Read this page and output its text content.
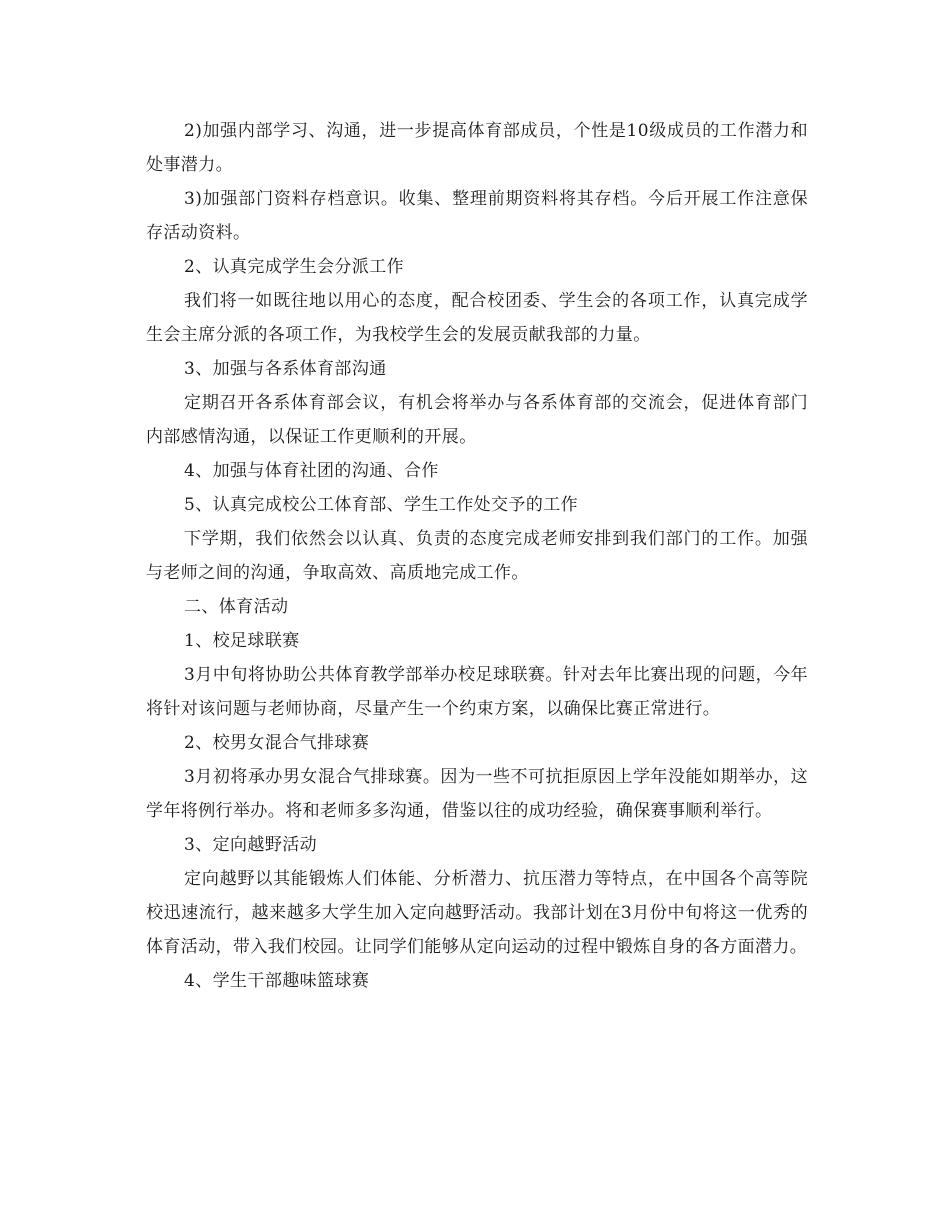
2)加强内部学习、沟通，进一步提高体育部成员，个性是10级成员的工作潜力和处事潜力。

3)加强部门资料存档意识。收集、整理前期资料将其存档。今后开展工作注意保存活动资料。

2、认真完成学生会分派工作

我们将一如既往地以用心的态度，配合校团委、学生会的各项工作，认真完成学生会主席分派的各项工作，为我校学生会的发展贡献我部的力量。

3、加强与各系体育部沟通

定期召开各系体育部会议，有机会将举办与各系体育部的交流会，促进体育部门内部感情沟通，以保证工作更顺利的开展。

4、加强与体育社团的沟通、合作

5、认真完成校公工体育部、学生工作处交予的工作

下学期，我们依然会以认真、负责的态度完成老师安排到我们部门的工作。加强与老师之间的沟通，争取高效、高质地完成工作。

二、体育活动

1、校足球联赛

3月中旬将协助公共体育教学部举办校足球联赛。针对去年比赛出现的问题，今年将针对该问题与老师协商，尽量产生一个约束方案，以确保比赛正常进行。

2、校男女混合气排球赛

3月初将承办男女混合气排球赛。因为一些不可抗拒原因上学年没能如期举办，这学年将例行举办。将和老师多多沟通，借鉴以往的成功经验，确保赛事顺利举行。

3、定向越野活动

定向越野以其能锻炼人们体能、分析潜力、抗压潜力等特点，在中国各个高等院校迅速流行，越来越多大学生加入定向越野活动。我部计划在3月份中旬将这一优秀的体育活动，带入我们校园。让同学们能够从定向运动的过程中锻炼自身的各方面潜力。

4、学生干部趣味篮球赛
